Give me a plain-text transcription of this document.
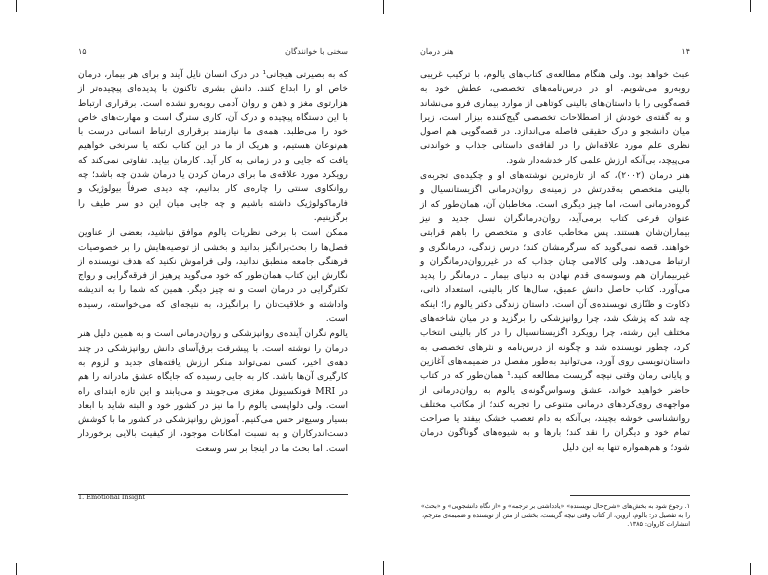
سخنی با خوانندگان
۱۵

که به بصیرتی هیجانی¹ در درک انسان نایل آیند و برای هر بیمار، درمان خاص او را ابداع کنند. دانش بشری تاکنون با پدیده‌ای پیچیده‌تر از هزارتوی مغز و ذهن و روان آدمی روبه‌رو نشده است. برقراری ارتباط با این دستگاه پیچیده و درک آن، کاری سترگ است و مهارت‌های خاص خود را می‌طلبد. همه‌ی ما نیازمند برقراری ارتباط انسانی درست با هم‌نوعان هستیم، و هریک از ما در این کتاب نکته یا سرنخی خواهیم یافت که جایی و در زمانی به کار آید. کارمان بیاید. تفاوتی نمی‌کند که رویکرد مورد علاقه‌ی ما برای درمان کردن یا درمان شدن چه باشد؛ چه روانکاوی سنتی را چاره‌ی کار بدانیم، چه دیدی صرفاً بیولوژیک و فارماکولوژیک داشته باشیم و چه جایی میان این دو سر طیف را برگزینیم.

ممکن است با برخی نظریات یالوم موافق نباشید، بعضی از عناوین فصل‌ها را بحث‌برانگیز بدانید و بخشی از توصیه‌هایش را بر خصوصیات فرهنگی جامعه منطبق ندانید، ولی فراموش نکنید که هدف نویسنده از نگارش این کتاب همان‌طور که خود می‌گوید پرهیز از فرقه‌گرایی و رواج تکثرگرایی در درمان است و نه چیز دیگر. همین که شما را به اندیشه واداشته و خلاقیت‌تان را برانگیزد، به نتیجه‌ای که می‌خواسته، رسیده است.

یالوم نگران آینده‌ی روانپزشکی و روان‌درمانی است و به همین دلیل هنر درمان را نوشته است. با پیشرفت برق‌آسای دانش روانپزشکی در چند دهه‌ی اخیر، کسی نمی‌تواند منکر ارزش یافته‌های جدید و لزوم به کارگیری آن‌ها باشد. کار به جایی رسیده که جایگاه عشق مادرانه را هم در MRI فونکسیونل مغزی می‌جویند و می‌یابند و این تازه ابتدای راه است. ولی دلواپسی یالوم را ما نیز در کشور خود و البته شاید با ابعاد بسیار وسیع‌تر حس می‌کنیم. آموزش روانپزشکی در کشور ما با کوشش دست‌اندرکاران و به نسبت امکانات موجود، از کیفیت بالایی برخوردار است. اما بحث ما در اینجا بر سر وسعت

1. Emotional Insight
۱۴
هنر درمان

عبث خواهد بود. ولی هنگام مطالعه‌ی کتاب‌های یالوم، با ترکیب غریبی روبه‌رو می‌شویم. او در درس‌نامه‌های تخصصی، عطش خود به قصه‌گویی را با داستان‌های بالینی کوتاهی از موارد بیماری فرو می‌نشاند و به گفته‌ی خودش از اصطلاحات تخصصی گیج‌کننده بیزار است، زیرا میان دانشجو و درک حقیقی فاصله می‌اندازد. در قصه‌گویی هم اصول نظری علم مورد علاقه‌اش را در لفافه‌ی داستانی جذاب و خواندنی می‌پیچد، بی‌آنکه ارزش علمی کار خدشه‌دار شود.

هنر درمان (۲۰۰۲)، که از تازه‌ترین نوشته‌های او و چکیده‌ی تجربه‌ی بالینی متخصص به‌قدرتش در زمینه‌ی روان‌درمانی اگزیستانسیال و گروه‌درمانی است، اما چیز دیگری است. مخاطبان آن، همان‌طور که از عنوان فرعی کتاب برمی‌آید، روان‌درمانگران نسل جدید و نیز بیماران‌شان هستند. پس مخاطب عادی و متخصص را باهم قرابتی خواهند. قصه نمی‌گوید که سرگرمشان کند؛ درس زندگی، درمانگری و ارتباط می‌دهد. ولی کالامی چنان جذاب که در غیرروان‌درمانگران و غیربیماران هم وسوسه‌ی قدم نهادن به دنیای بیمار ـ درمانگر را پدید می‌آورد. کتاب حاصل دانش عمیق، سال‌ها کار بالینی، استعداد ذاتی، ذکاوت و ظنّازی نویسنده‌ی آن است. داستان زندگی دکتر یالوم را؛ اینکه چه شد که پزشک شد، چرا روانپزشکی را برگزید و در میان شاخه‌های مختلف این رشته، چرا رویکرد اگزیستانسیال را در کار بالینی انتخاب کرد، چطور نویسنده شد و چگونه از درس‌نامه و نثرهای تخصصی به داستان‌نویسی روی آورد، می‌توانید به‌طور مفصل در ضمیمه‌های آغازین و پایانی رمان وقتی نیچه گریست مطالعه کنید.¹ همان‌طور که در کتاب حاضر خواهید خواند، عشق وسواس‌گونه‌ی یالوم به روان‌درمانی از مواجهه‌ی روی‌کردهای درمانی متنوعی را تجربه کند؛ از مکاتب مختلف روانشناسی خوشه بچیند، بی‌آنکه به دام تعصب خشک بیفتد یا صراحت تمام خود و دیگران را نقد کند؛ بارها و به شیوه‌های گوناگون درمان شود؛ و هم‌همواره تنها به این دلیل

۱. رجوع شود به بخش‌های «شرح‌حال نویسنده» «یادداشتی بر ترجمه» و «از نگاه دانشجویی» و «بحث» را به تفصیل در: بالوم، اروین، از کتاب وقتی نیچه گریست، بخشی از متن از نویسنده و ضمیمه‌ی مترجم، انتشارات کاروان: ۱۳۸۵.
